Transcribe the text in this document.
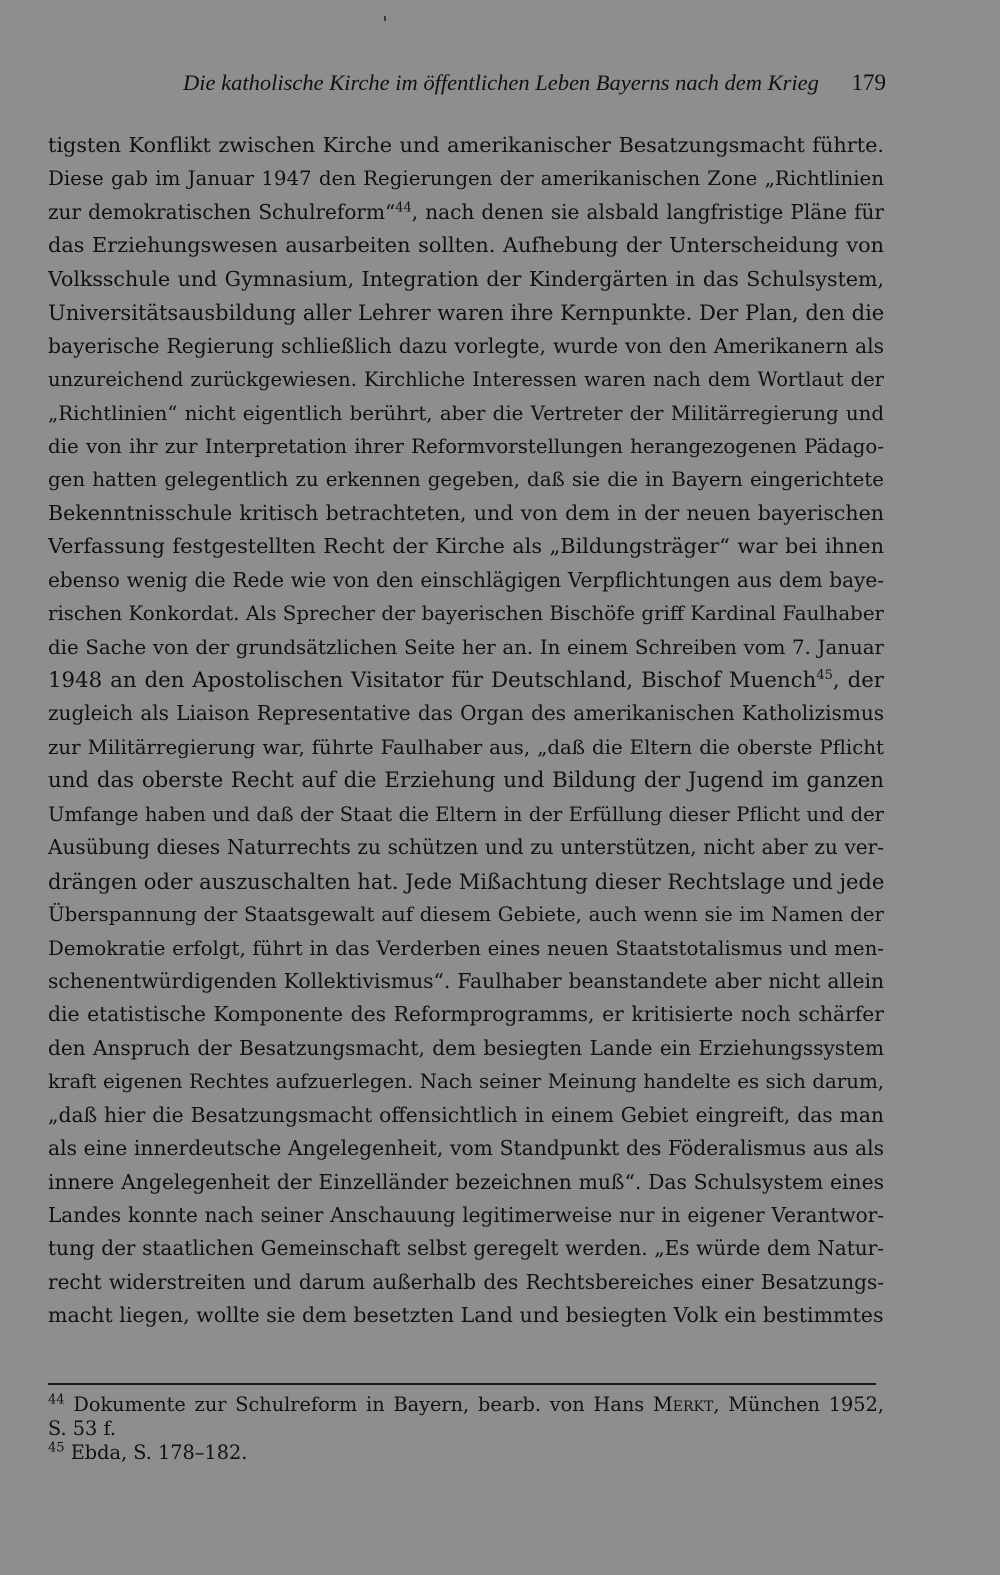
Die katholische Kirche im öffentlichen Leben Bayerns nach dem Krieg 179
tigsten Konflikt zwischen Kirche und amerikanischer Besatzungsmacht führte.
Diese gab im Januar 1947 den Regierungen der amerikanischen Zone „Richtlinien
zur demokratischen Schulreform“$^{44}$, nach denen sie alsbald langfristige Pläne für
das Erziehungswesen ausarbeiten sollten. Aufhebung der Unterscheidung von
Volksschule und Gymnasium, Integration der Kindergärten in das Schulsystem,
Universitätsausbildung aller Lehrer waren ihre Kernpunkte. Der Plan, den die
bayerische Regierung schließlich dazu vorlegte, wurde von den Amerikanern als
unzureichend zurückgewiesen. Kirchliche Interessen waren nach dem Wortlaut der
„Richtlinien“ nicht eigentlich berührt, aber die Vertreter der Militärregierung und
die von ihr zur Interpretation ihrer Reformvorstellungen herangezogenen Pädago-
gen hatten gelegentlich zu erkennen gegeben, daß sie die in Bayern eingerichtete
Bekenntnisschule kritisch betrachteten, und von dem in der neuen bayerischen
Verfassung festgestellten Recht der Kirche als „Bildungsträger“ war bei ihnen
ebenso wenig die Rede wie von den einschlägigen Verpflichtungen aus dem baye-
rischen Konkordat. Als Sprecher der bayerischen Bischöfe griff Kardinal Faulhaber
die Sache von der grundsätzlichen Seite her an. In einem Schreiben vom 7. Januar
1948 an den Apostolischen Visitator für Deutschland, Bischof Muench$^{45}$, der
zugleich als Liaison Representative das Organ des amerikanischen Katholizismus
zur Militärregierung war, führte Faulhaber aus, „daß die Eltern die oberste Pflicht
und das oberste Recht auf die Erziehung und Bildung der Jugend im ganzen
Umfange haben und daß der Staat die Eltern in der Erfüllung dieser Pflicht und der
Ausübung dieses Naturrechts zu schützen und zu unterstützen, nicht aber zu ver-
drängen oder auszuschalten hat. Jede Mißachtung dieser Rechtslage und jede
Überspannung der Staatsgewalt auf diesem Gebiete, auch wenn sie im Namen der
Demokratie erfolgt, führt in das Verderben eines neuen Staatstotalismus und men-
schenentwürdigenden Kollektivismus“. Faulhaber beanstandete aber nicht allein
die etatistische Komponente des Reformprogramms, er kritisierte noch schärfer
den Anspruch der Besatzungsmacht, dem besiegten Lande ein Erziehungssystem
kraft eigenen Rechtes aufzuerlegen. Nach seiner Meinung handelte es sich darum,
„daß hier die Besatzungsmacht offensichtlich in einem Gebiet eingreift, das man
als eine innerdeutsche Angelegenheit, vom Standpunkt des Föderalismus aus als
innere Angelegenheit der Einzelländer bezeichnen muß“. Das Schulsystem eines
Landes konnte nach seiner Anschauung legitimerweise nur in eigener Verantwor-
tung der staatlichen Gemeinschaft selbst geregelt werden. „Es würde dem Natur-
recht widerstreiten und darum außerhalb des Rechtsbereiches einer Besatzungs-
macht liegen, wollte sie dem besetzten Land und besiegten Volk ein bestimmtes
$^{44}$ Dokumente zur Schulreform in Bayern, bearb. von Hans Merkt, München 1952,
S. 53 f.
$^{45}$ Ebda, S. 178–182.
